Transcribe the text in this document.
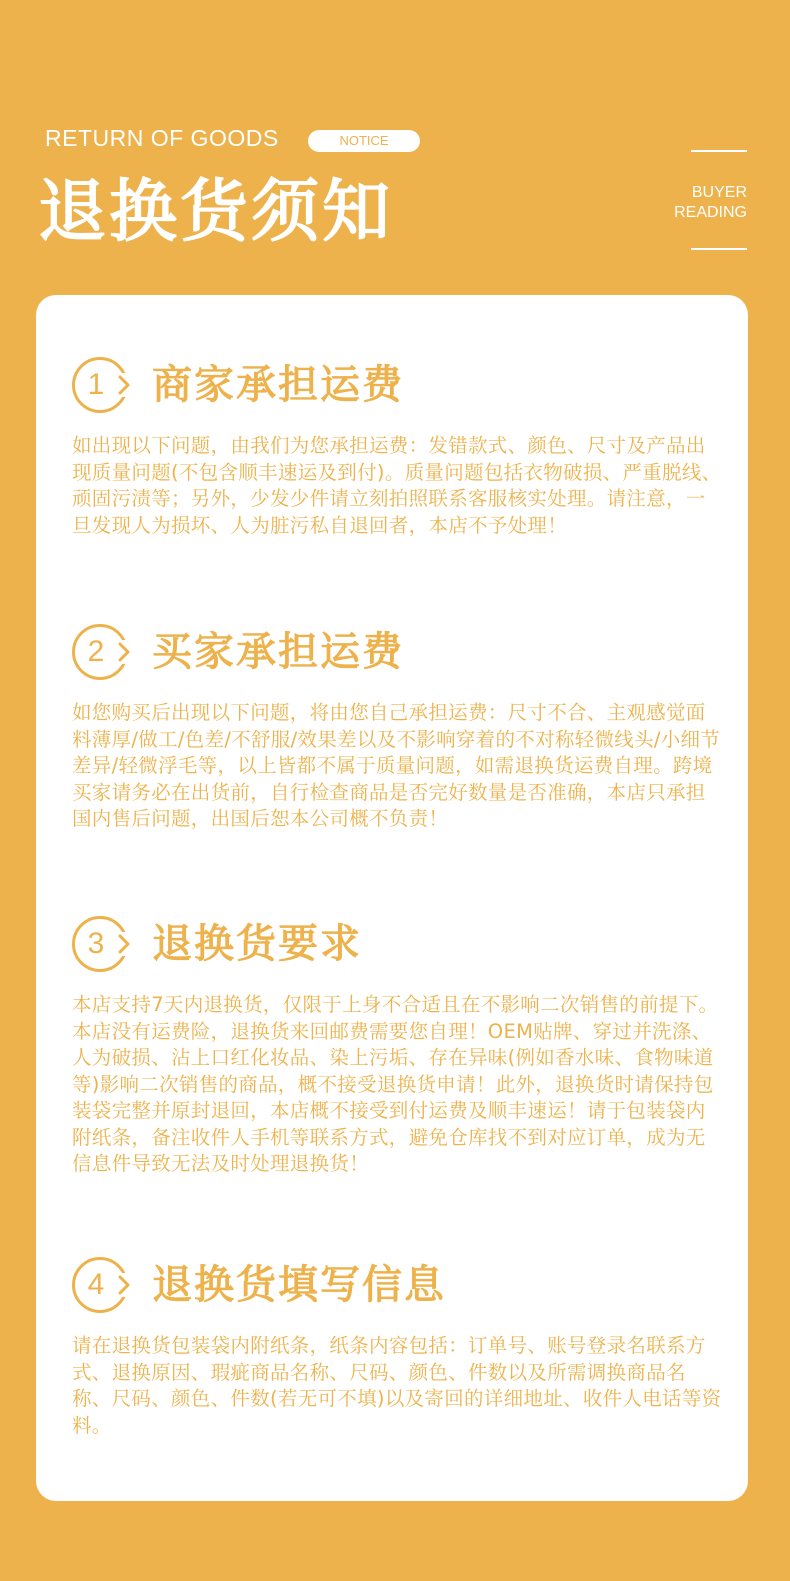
RETURN OF GOODS	NOTICE
退换货须知	BUYER
READING
1	商家承担运费
如出现以下问题，由我们为您承担运费：发错款式、颜色、尺寸及产品出现质量问题(不包含顺丰速运及到付)。质量问题包括衣物破损、严重脱线、顽固污渍等；另外，少发少件请立刻拍照联系客服核实处理。请注意，一旦发现人为损坏、人为脏污私自退回者，本店不予处理！
2	买家承担运费
如您购买后出现以下问题，将由您自己承担运费：尺寸不合、主观感觉面料薄厚/做工/色差/不舒服/效果差以及不影响穿着的不对称轻微线头/小细节差异/轻微浮毛等，以上皆都不属于质量问题，如需退换货运费自理。跨境买家请务必在出货前，自行检查商品是否完好数量是否准确，本店只承担国内售后问题，出国后恕本公司概不负责！
3	退换货要求
本店支持7天内退换货，仅限于上身不合适且在不影响二次销售的前提下。本店没有运费险，退换货来回邮费需要您自理！OEM贴牌、穿过并洗涤、人为破损、沾上口红化妆品、染上污垢、存在异味(例如香水味、食物味道等)影响二次销售的商品，概不接受退换货申请！此外，退换货时请保持包装袋完整并原封退回，本店概不接受到付运费及顺丰速运！请于包装袋内附纸条，备注收件人手机等联系方式，避免仓库找不到对应订单，成为无信息件导致无法及时处理退换货！
4	退换货填写信息
请在退换货包装袋内附纸条，纸条内容包括：订单号、账号登录名联系方式、退换原因、瑕疵商品名称、尺码、颜色、件数以及所需调换商品名称、尺码、颜色、件数(若无可不填)以及寄回的详细地址、收件人电话等资料。
